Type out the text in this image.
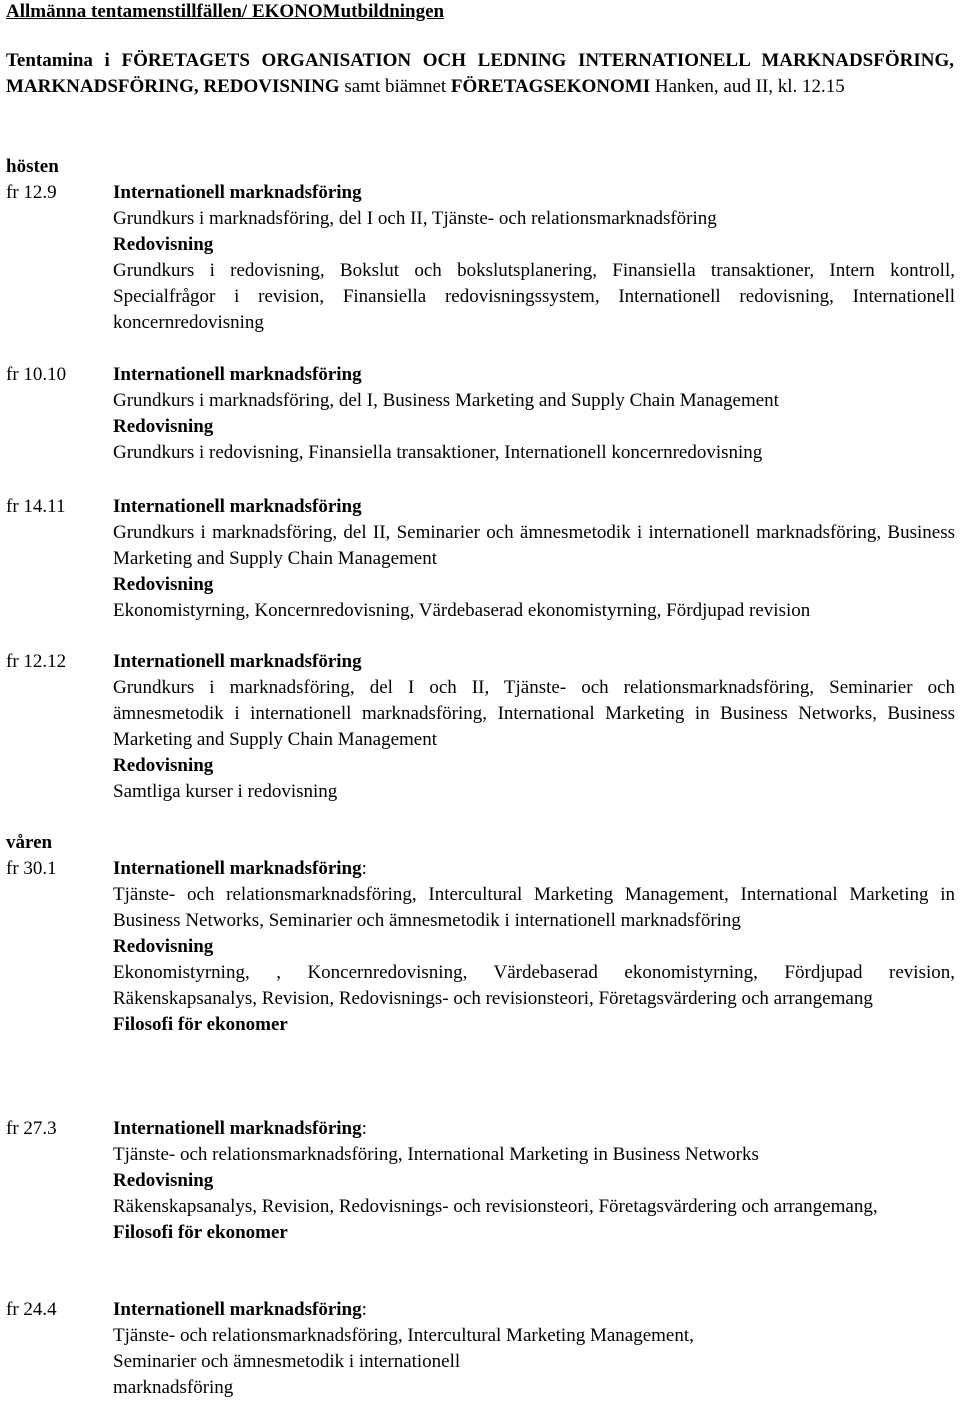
Allmänna tentamenstillfällen/ EKONOMutbildningen
Tentamina i FÖRETAGETS ORGANISATION OCH LEDNING INTERNATIONELL MARKNADSFÖRING, MARKNADSFÖRING, REDOVISNING samt biämnet FÖRETAGSEKONOMI Hanken, aud II, kl. 12.15
hösten
fr 12.9	Internationell marknadsföring
Grundkurs i marknadsföring, del I och II, Tjänste- och relationsmarknadsföring
Redovisning
Grundkurs i redovisning, Bokslut och bokslutsplanering, Finansiella transaktioner, Intern kontroll, Specialfrågor i revision, Finansiella redovisningssystem, Internationell redovisning, Internationell koncernredovisning
fr 10.10 Internationell marknadsföring
Grundkurs i marknadsföring, del I, Business Marketing and Supply Chain Management
Redovisning
Grundkurs i redovisning, Finansiella transaktioner, Internationell koncernredovisning
fr 14.11	Internationell marknadsföring
Grundkurs i marknadsföring, del II, Seminarier och ämnesmetodik i internationell marknadsföring, Business Marketing and Supply Chain Management
Redovisning
Ekonomistyrning, Koncernredovisning, Värdebaserad ekonomistyrning, Fördjupad revision
fr 12.12 Internationell marknadsföring
Grundkurs i marknadsföring, del I och II, Tjänste- och relationsmarknadsföring, Seminarier och ämnesmetodik i internationell marknadsföring, International Marketing in Business Networks, Business Marketing and Supply Chain Management
Redovisning
Samtliga kurser i redovisning
våren
fr 30.1	Internationell marknadsföring:
Tjänste- och relationsmarknadsföring, Intercultural Marketing Management, International Marketing in Business Networks, Seminarier och ämnesmetodik i internationell marknadsföring
Redovisning
Ekonomistyrning, , Koncernredovisning, Värdebaserad ekonomistyrning, Fördjupad revision, Räkenskapsanalys, Revision, Redovisnings- och revisionsteori, Företagsvärdering och arrangemang
Filosofi för ekonomer
fr 27.3	Internationell marknadsföring:
Tjänste- och relationsmarknadsföring, International Marketing in Business Networks
Redovisning
Räkenskapsanalys, Revision, Redovisnings- och revisionsteori, Företagsvärdering och arrangemang,
Filosofi för ekonomer
fr 24.4	Internationell marknadsföring:
Tjänste- och relationsmarknadsföring, Intercultural Marketing Management,
Seminarier och ämnesmetodik i internationell
marknadsföring
